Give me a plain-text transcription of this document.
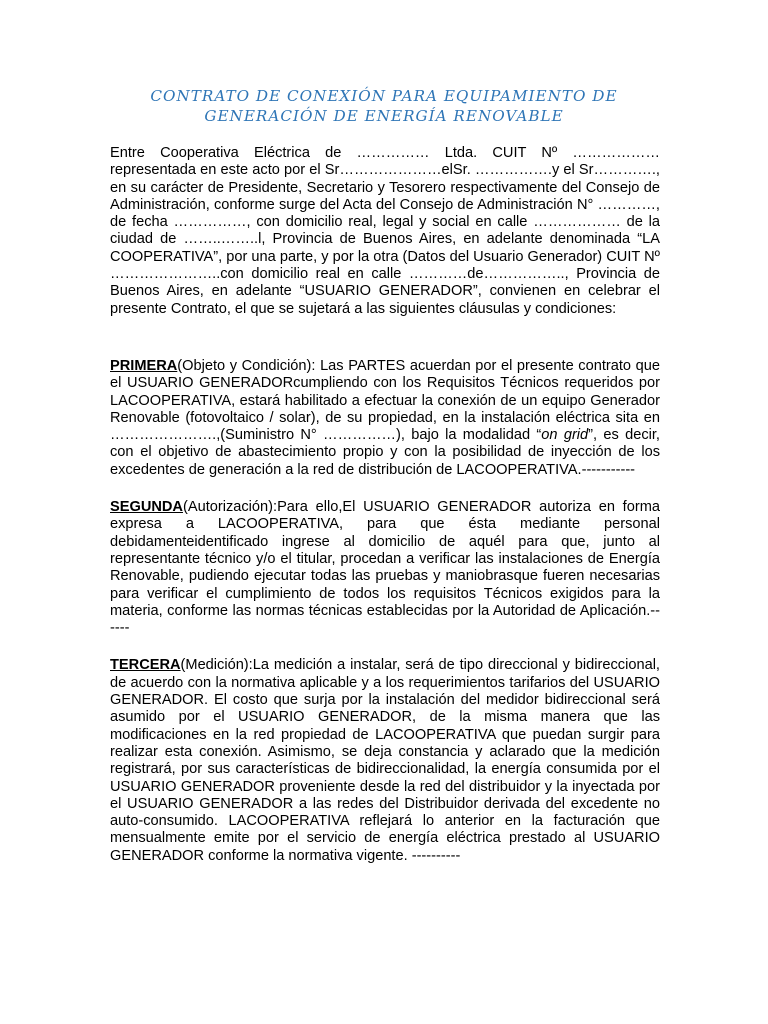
CONTRATO DE CONEXIÓN PARA EQUIPAMIENTO DE
GENERACIÓN DE ENERGÍA RENOVABLE

Entre Cooperativa Eléctrica de …………… Ltda. CUIT Nº ……………… representada en este acto por el Sr…………………elSr. …………….y el Sr…………., en su carácter de Presidente, Secretario y Tesorero respectivamente del Consejo de Administración, conforme surge del Acta del Consejo de Administración N° …………, de fecha ……………, con domicilio real, legal y social en calle ……………… de la ciudad de ……..……..l, Provincia de Buenos Aires, en adelante denominada “LA COOPERATIVA”, por una parte, y por la otra (Datos del Usuario Generador) CUIT Nº …………………..con domicilio real en calle …………de…………….., Provincia de Buenos Aires, en adelante “USUARIO GENERADOR”, convienen en celebrar el presente Contrato, el que se sujetará a las siguientes cláusulas y condiciones:

PRIMERA(Objeto y Condición): Las PARTES acuerdan por el presente contrato que el USUARIO GENERADORcumpliendo con los Requisitos Técnicos requeridos por LACOOPERATIVA, estará habilitado a efectuar la conexión de un equipo Generador Renovable (fotovoltaico / solar), de su propiedad, en la instalación eléctrica sita en ………………….,(Suministro N° ……………), bajo la modalidad “on grid”, es decir, con el objetivo de abastecimiento propio y con la posibilidad de inyección de los excedentes de generación a la red de distribución de LACOOPERATIVA.-----------

SEGUNDA(Autorización):Para ello,El USUARIO GENERADOR autoriza en forma expresa a LACOOPERATIVA, para que ésta mediante personal debidamenteidentificado ingrese al domicilio de aquél para que, junto al representante técnico y/o el titular, procedan a verificar las instalaciones de Energía Renovable, pudiendo ejecutar todas las pruebas y maniobrasque fueren necesarias para verificar el cumplimiento de todos los requisitos Técnicos exigidos para la materia, conforme las normas técnicas establecidas por la Autoridad de Aplicación.------

TERCERA(Medición):La medición a instalar, será de tipo direccional y bidireccional, de acuerdo con la normativa aplicable y a los requerimientos tarifarios del USUARIO GENERADOR. El costo que surja por la instalación del medidor bidireccional será asumido por el USUARIO GENERADOR, de la misma manera que las modificaciones en la red propiedad de LACOOPERATIVA que puedan surgir para realizar esta conexión. Asimismo, se deja constancia y aclarado que la medición registrará, por sus características de bidireccionalidad, la energía consumida por el USUARIO GENERADOR proveniente desde la red del distribuidor y la inyectada por el USUARIO GENERADOR a las redes del Distribuidor derivada del excedente no auto-consumido. LACOOPERATIVA reflejará lo anterior en la facturación que mensualmente emite por el servicio de energía eléctrica prestado al USUARIO GENERADOR conforme la normativa vigente. ----------
